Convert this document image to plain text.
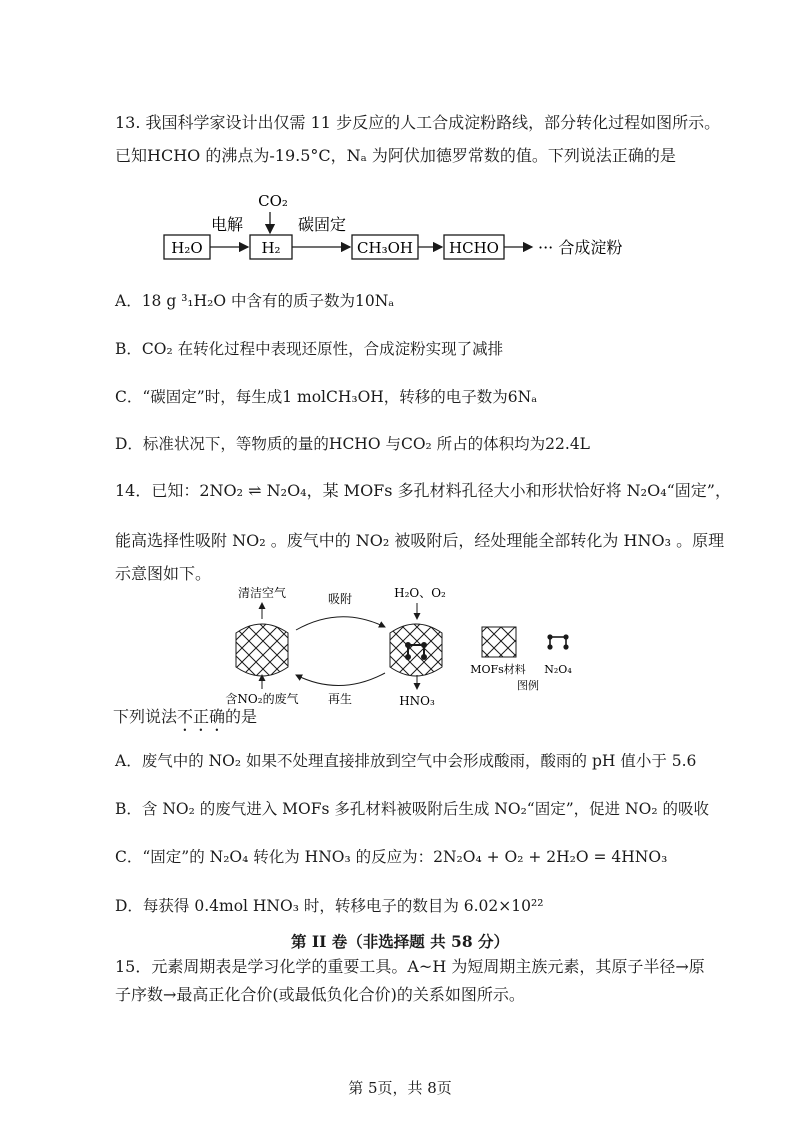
13. 我国科学家设计出仅需 11 步反应的人工合成淀粉路线，部分转化过程如图所示。
已知HCHO 的沸点为-19.5°C，Nₐ 为阿伏加德罗常数的值。下列说法正确的是
H₂O
电解
CO₂
H₂
碳固定
CH₃OH HCHO ··· 合成淀粉
A．18 g ³₁H₂O 中含有的质子数为10Nₐ
B．CO₂ 在转化过程中表现还原性，合成淀粉实现了减排
C．“碳固定”时，每生成1 molCH₃OH，转移的电子数为6Nₐ
D．标准状况下，等物质的量的HCHO 与CO₂ 所占的体积均为22.4L
14．已知：2NO₂ ⇌ N₂O₄，某 MOFs 多孔材料孔径大小和形状恰好将 N₂O₄“固定”，
能高选择性吸附 NO₂ 。废气中的 NO₂ 被吸附后，经处理能全部转化为 HNO₃ 。原理
示意图如下。
清洁空气
含NO₂的废气
吸附
再生
H₂O、O₂
HNO₃
MOFs材料 N₂O₄
图例
下列说法不正确的是
A．废气中的 NO₂ 如果不处理直接排放到空气中会形成酸雨，酸雨的 pH 值小于 5.6
B．含 NO₂ 的废气进入 MOFs 多孔材料被吸附后生成 NO₂“固定”，促进 NO₂ 的吸收
C．“固定”的 N₂O₄ 转化为 HNO₃ 的反应为：2N₂O₄ + O₂ + 2H₂O = 4HNO₃
D．每获得 0.4mol HNO₃ 时，转移电子的数目为 6.02×10²²
第 II 卷（非选择题 共 58 分）
15．元素周期表是学习化学的重要工具。A~H 为短周期主族元素，其原子半径→原
子序数→最高正化合价(或最低负化合价)的关系如图所示。
第 5页，共 8页
